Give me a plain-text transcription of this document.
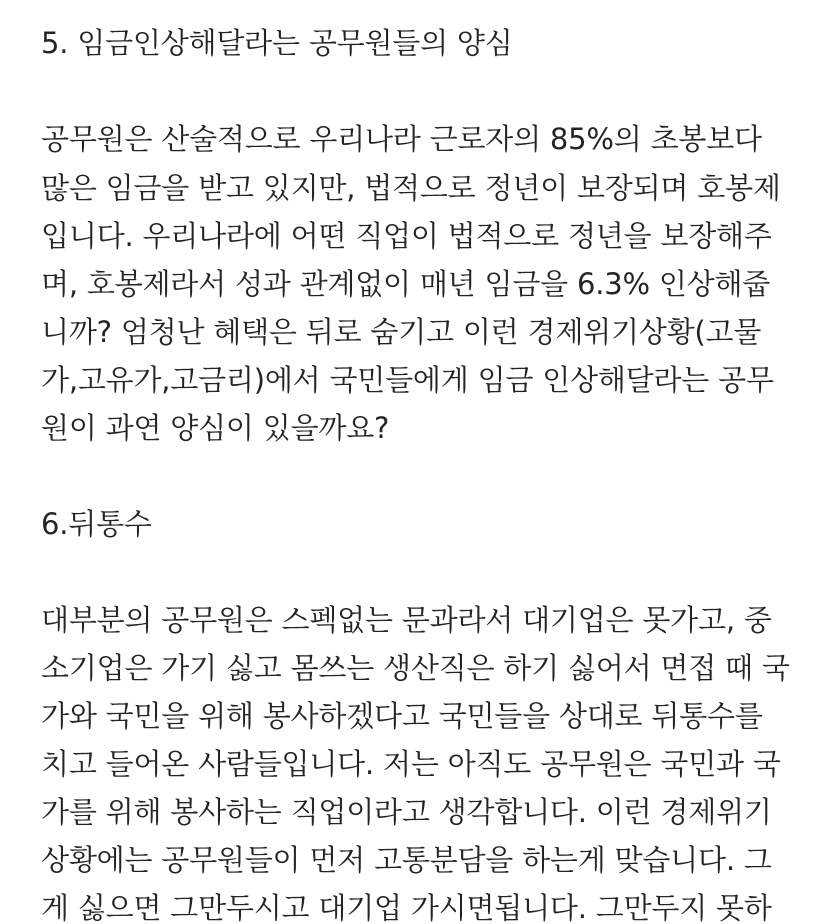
5. 임금인상해달라는 공무원들의 양심
공무원은 산술적으로 우리나라 근로자의 85%의 초봉보다
많은 임금을 받고 있지만, 법적으로 정년이 보장되며 호봉제
입니다. 우리나라에 어떤 직업이 법적으로 정년을 보장해주
며, 호봉제라서 성과 관계없이 매년 임금을 6.3% 인상해줍
니까? 엄청난 혜택은 뒤로 숨기고 이런 경제위기상황(고물
가,고유가,고금리)에서 국민들에게 임금 인상해달라는 공무
원이 과연 양심이 있을까요?
6.뒤통수
대부분의 공무원은 스펙없는 문과라서 대기업은 못가고, 중
소기업은 가기 싫고 몸쓰는 생산직은 하기 싫어서 면접 때 국
가와 국민을 위해 봉사하겠다고 국민들을 상대로 뒤통수를
치고 들어온 사람들입니다. 저는 아직도 공무원은 국민과 국
가를 위해 봉사하는 직업이라고 생각합니다. 이런 경제위기
상황에는 공무원들이 먼저 고통분담을 하는게 맞습니다. 그
게 싫으면 그만두시고 대기업 가시면됩니다. 그만두지 못하
